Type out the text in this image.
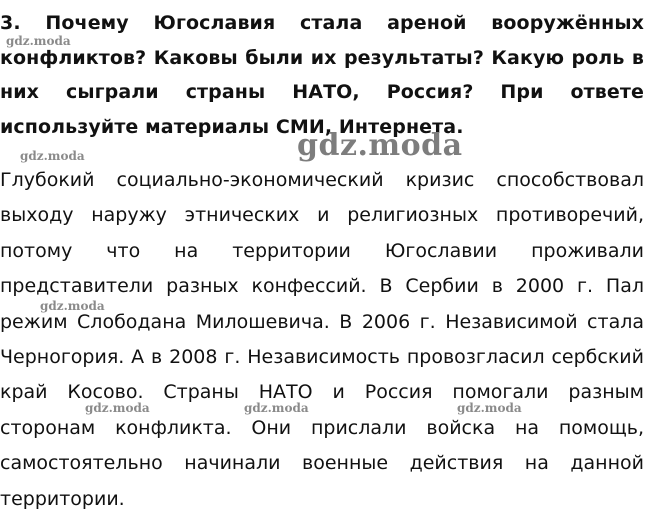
3. Почему Югославия стала ареной вооружённых конфликтов? Каковы были их результаты? Какую роль в них сыграли страны НАТО, Россия? При ответе используйте материалы СМИ, Интернета.
Глубокий социально-экономический кризис способствовал выходу наружу этнических и религиозных противоречий, потому что на территории Югославии проживали представители разных конфессий. В Сербии в 2000 г. Пал режим Слободана Милошевича. В 2006 г. Независимой стала Черногория. А в 2008 г. Независимость провозгласил сербский край Косово. Страны НАТО и Россия помогали разным сторонам конфликта. Они прислали войска на помощь, самостоятельно начинали военные действия на данной территории.
gdz.moda
gdz.moda	gdz.moda
gdz.moda
gdz.moda	gdz.moda	gdz.moda
